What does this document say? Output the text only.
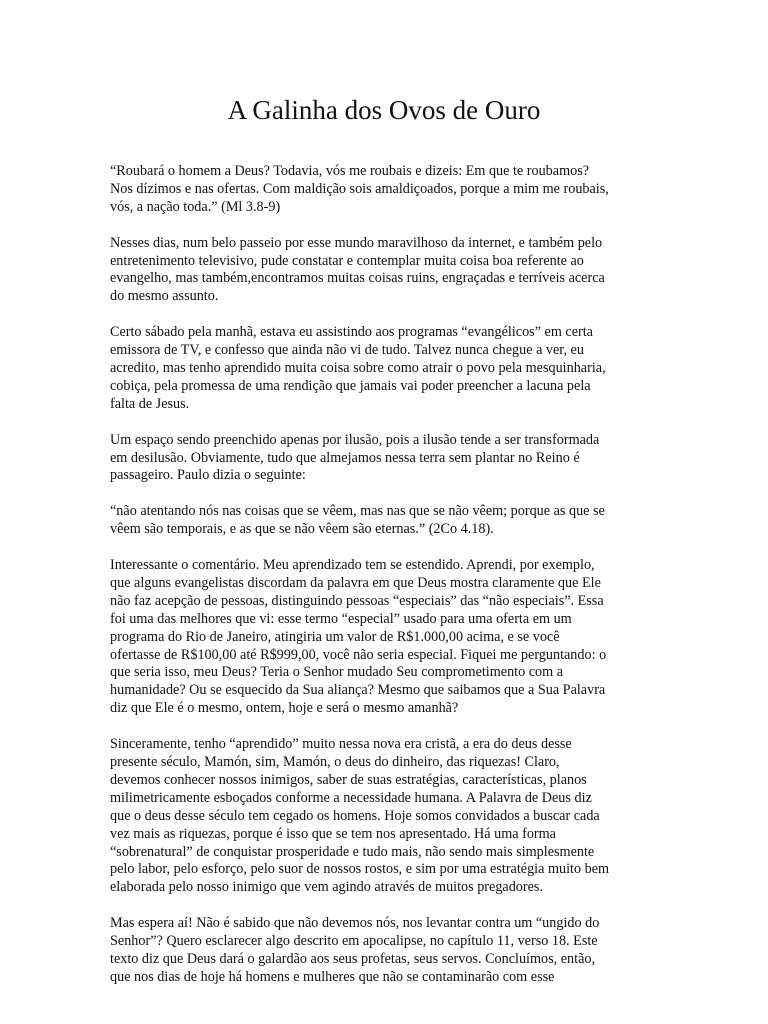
A Galinha dos Ovos de Ouro

“Roubará o homem a Deus? Todavia, vós me roubais e dizeis: Em que te roubamos?
Nos dízimos e nas ofertas. Com maldição sois amaldiçoados, porque a mim me roubais,
vós, a nação toda.” (Ml 3.8-9)

Nesses dias, num belo passeio por esse mundo maravilhoso da internet, e também pelo
entretenimento televisivo, pude constatar e contemplar muita coisa boa referente ao
evangelho, mas também,encontramos muitas coisas ruins, engraçadas e terríveis acerca
do mesmo assunto.

Certo sábado pela manhã, estava eu assistindo aos programas “evangélicos” em certa
emissora de TV, e confesso que ainda não vi de tudo. Talvez nunca chegue a ver, eu
acredito, mas tenho aprendido muita coisa sobre como atrair o povo pela mesquinharia,
cobiça, pela promessa de uma rendição que jamais vai poder preencher a lacuna pela
falta de Jesus.

Um espaço sendo preenchido apenas por ilusão, pois a ilusão tende a ser transformada
em desilusão. Obviamente, tudo que almejamos nessa terra sem plantar no Reino é
passageiro. Paulo dizia o seguinte:

“não atentando nós nas coisas que se vêem, mas nas que se não vêem; porque as que se
vêem são temporais, e as que se não vêem são eternas.” (2Co 4.18).

Interessante o comentário. Meu aprendizado tem se estendido. Aprendi, por exemplo,
que alguns evangelistas discordam da palavra em que Deus mostra claramente que Ele
não faz acepção de pessoas, distinguindo pessoas “especiais” das “não especiais”. Essa
foi uma das melhores que vi: esse termo “especial” usado para uma oferta em um
programa do Rio de Janeiro, atingiria um valor de R$1.000,00 acima, e se você
ofertasse de R$100,00 até R$999,00, você não seria especial. Fiquei me perguntando: o
que seria isso, meu Deus? Teria o Senhor mudado Seu comprometimento com a
humanidade? Ou se esquecido da Sua aliança? Mesmo que saibamos que a Sua Palavra
diz que Ele é o mesmo, ontem, hoje e será o mesmo amanhã?

Sinceramente, tenho “aprendido” muito nessa nova era cristã, a era do deus desse
presente século, Mamón, sim, Mamón, o deus do dinheiro, das riquezas! Claro,
devemos conhecer nossos inimigos, saber de suas estratégias, características, planos
milimetricamente esboçados conforme a necessidade humana. A Palavra de Deus diz
que o deus desse século tem cegado os homens. Hoje somos convidados a buscar cada
vez mais as riquezas, porque é isso que se tem nos apresentado. Há uma forma
“sobrenatural” de conquistar prosperidade e tudo mais, não sendo mais simplesmente
pelo labor, pelo esforço, pelo suor de nossos rostos, e sim por uma estratégia muito bem
elaborada pelo nosso inimigo que vem agindo através de muitos pregadores.

Mas espera aí! Não é sabido que não devemos nós, nos levantar contra um “ungido do
Senhor”? Quero esclarecer algo descrito em apocalipse, no capítulo 11, verso 18. Este
texto diz que Deus dará o galardão aos seus profetas, seus servos. Concluímos, então,
que nos dias de hoje há homens e mulheres que não se contaminarão com esse
